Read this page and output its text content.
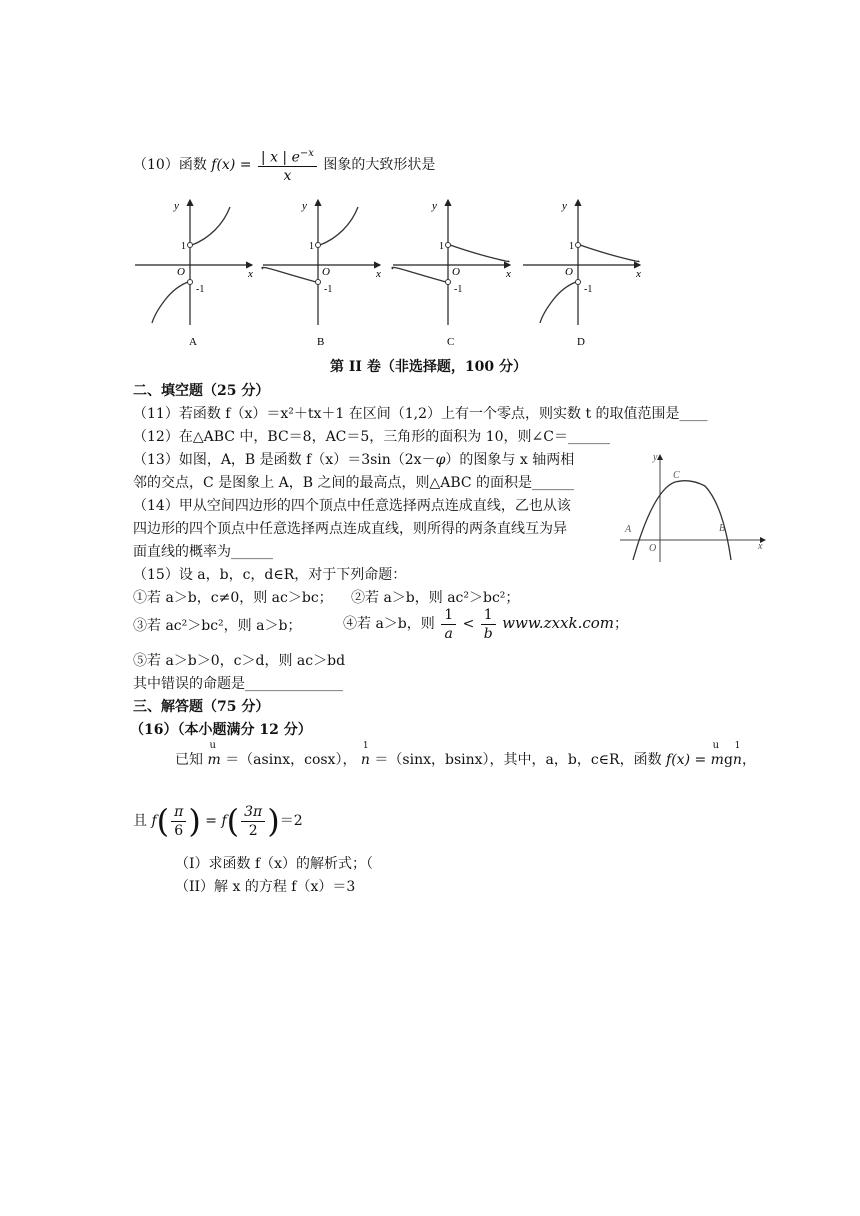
（10）函数 $f(x) = \frac{| x | e^{-x}}{x}$ 图象的大致形状是
y
x
O
1
-1
A
y
x
O
1
-1
B
y
x
O
1
-1
C
y
x
O
1
-1
D
第 II 卷（非选择题，100 分）
二、填空题（25 分）
（11）若函数 f（x）＝x²＋tx＋1 在区间（1,2）上有一个零点，则实数 t 的取值范围是____
（12）在△ABC 中，BC＝8，AC＝5，三角形的面积为 10，则∠C＝______
（13）如图，A，B 是函数 f（x）＝3sin（2x－φ）的图象与 x 轴两相
邻的交点，C 是图象上 A，B 之间的最高点，则△ABC 的面积是______
y
x
O
A	B
C
（14）甲从空间四边形的四个顶点中任意选择两点连成直线，乙也从该
四边形的四个顶点中任意选择两点连成直线，则所得的两条直线互为异
面直线的概率为______
（15）设 a，b，c，d∈R，对于下列命题：
①若 a＞b，c≠0，则 ac＞bc； ②若 a＞b，则 ac²＞bc²；
③若 ac²＞bc²，则 a＞b；	④若 a＞b，则 $\frac{1}{a} < \frac{1}{b}$ www.zxxk.com；
⑤若 a＞b＞0，c＞d，则 ac＞bd
其中错误的命题是______________
三、解答题（75 分）
（16）（本小题满分 12 分）
已知
u
m ＝（asinx，cosx），
1
n ＝（sinx，bsinx），其中，a，b，c∈R，函数 f(x) =
u 1
mgn，
且 $f( \frac{\pi}{6}$ ) = $f( \frac{3\pi}{2} )=2$
（I）求函数 f（x）的解析式；（
（II）解 x 的方程 f（x）＝3
